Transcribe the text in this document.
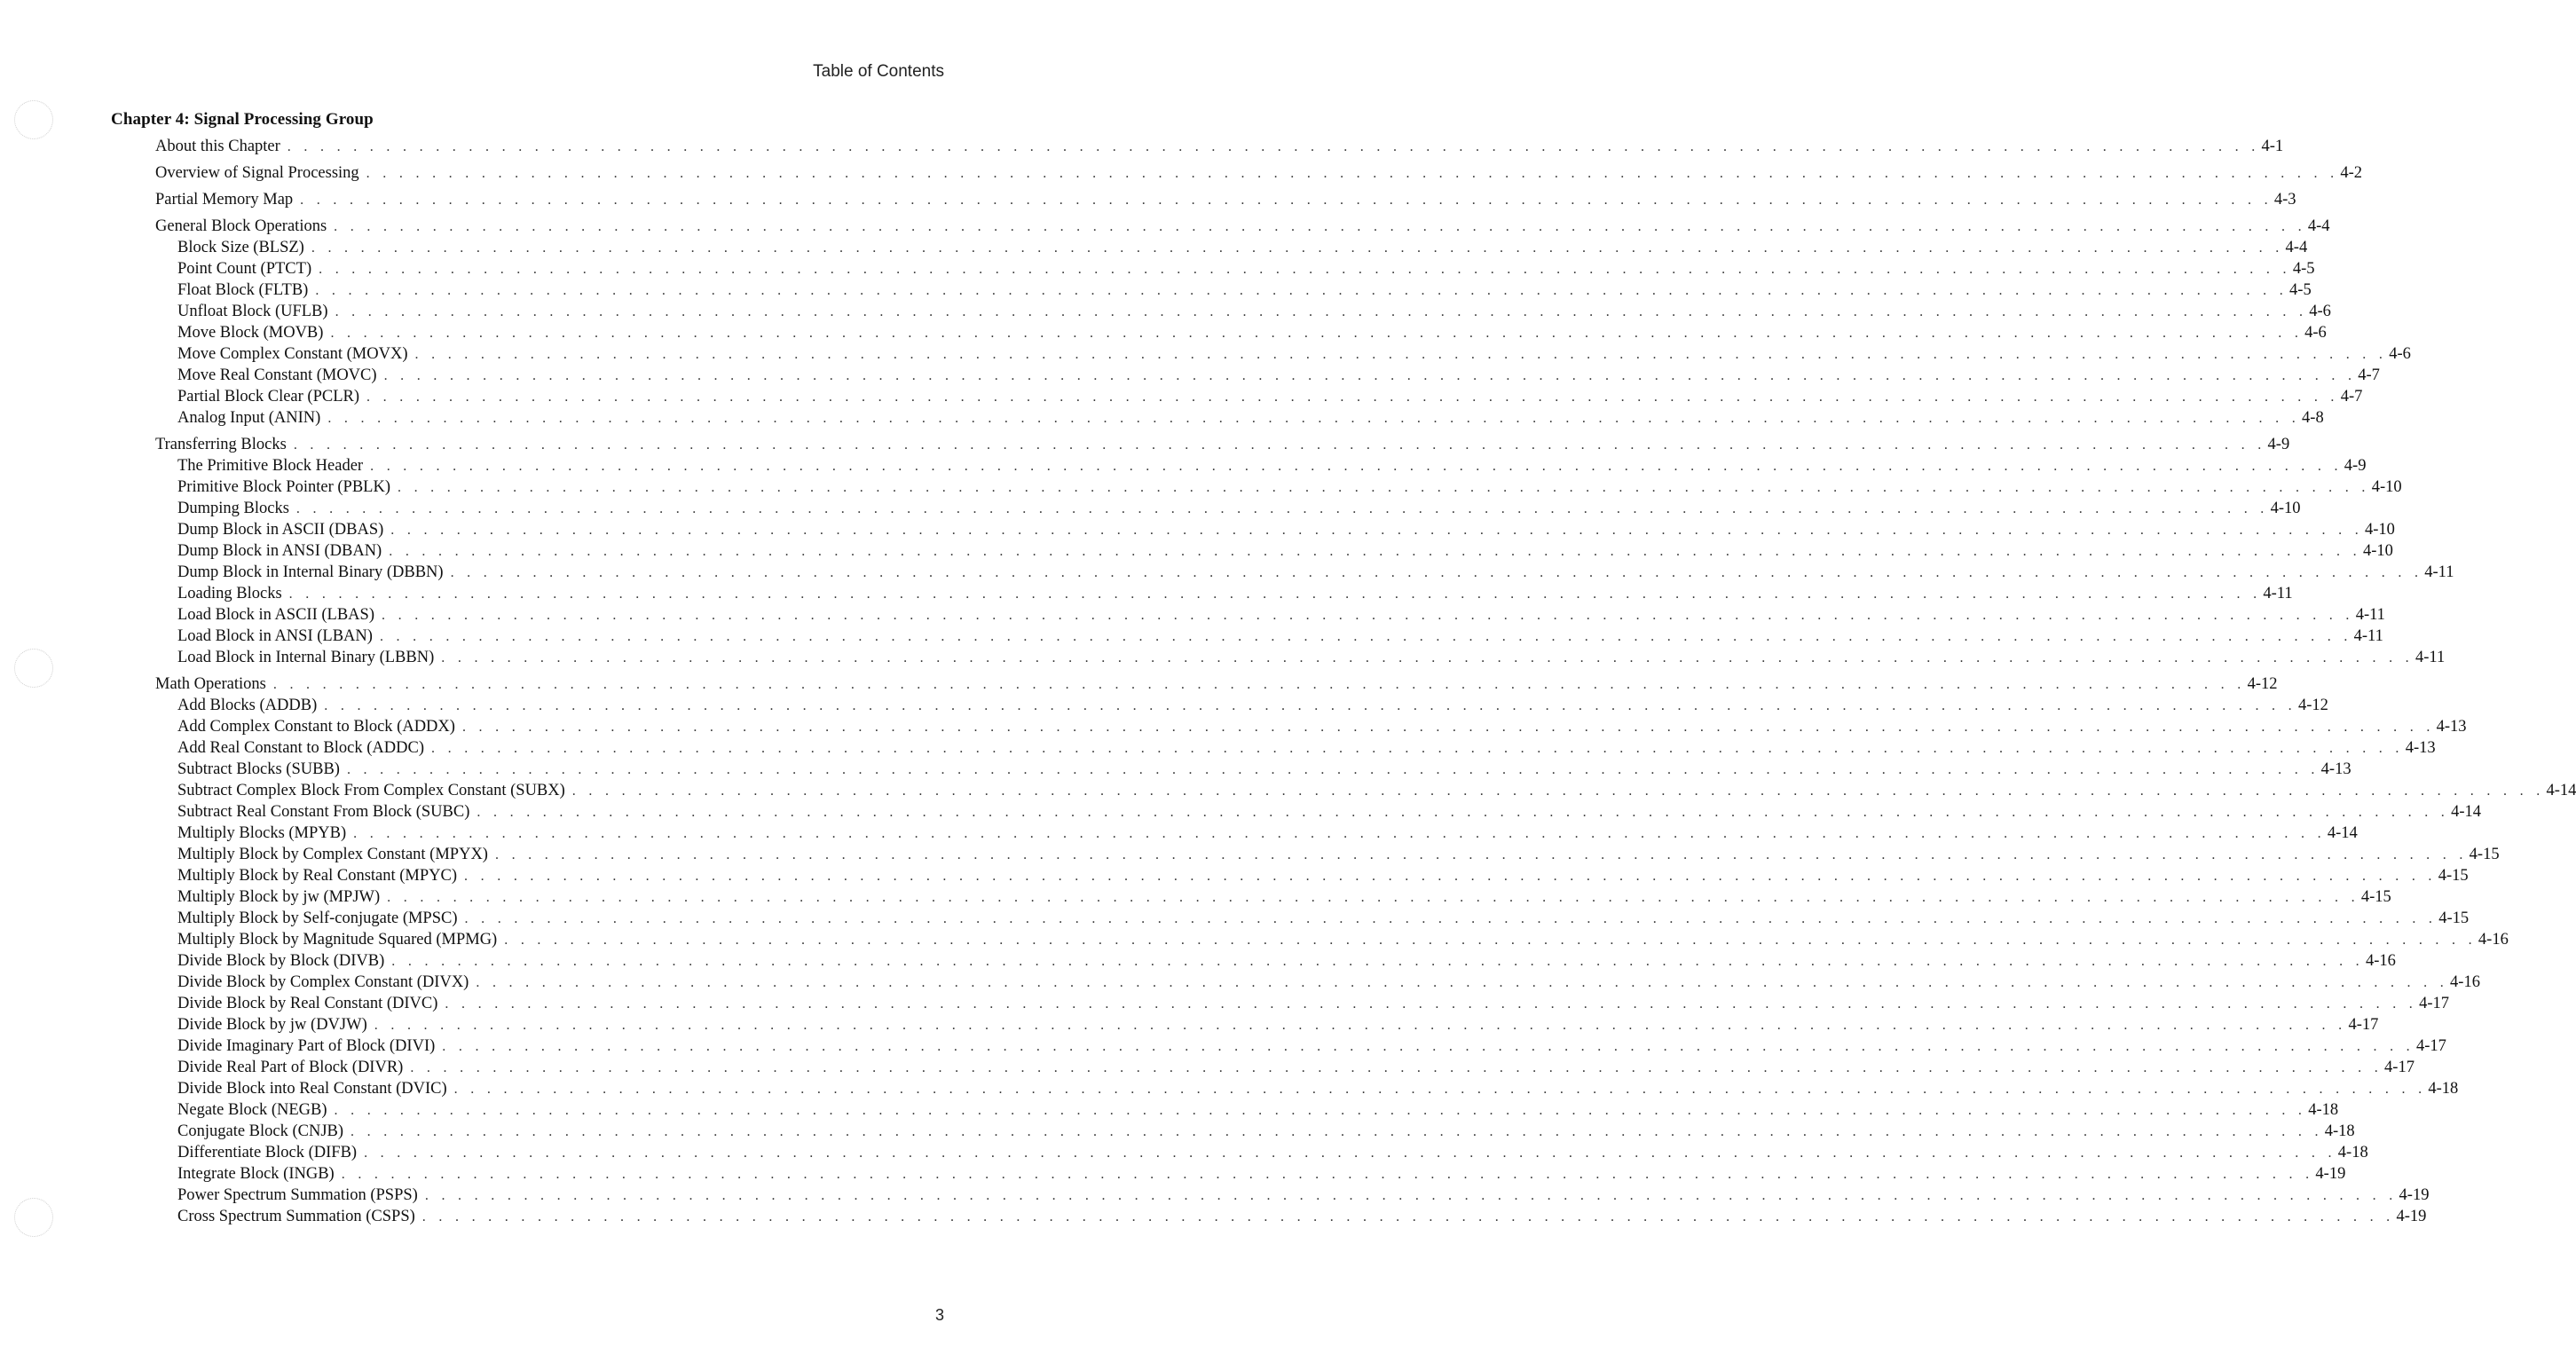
Table of Contents
Chapter 4: Signal Processing Group
About this Chapter . . . . . . . . . . . . . . . . . . . . . . . . . . . . . . . . . . . . . . . . . . . . . . . . . . . . . . . . . . . . . . . . . . . . . . . . . . . . . . . . . . . . . . . . . . . . . . . . . . . . . . . . . . . . . . . . . . . . . . . . 4-1
Overview of Signal Processing . . . . . . . . . . . . . . . . . . . . . . . . . . . . . . . . . . . . . . . . . . . . . . . . . . . . . . . . . . . . . . . . . . . . . . . . . . . . . . . . . . . . . . . . . . . . . . . . . . . . . . . . . . . . . . . . . . . . . . . . 4-2
Partial Memory Map . . . . . . . . . . . . . . . . . . . . . . . . . . . . . . . . . . . . . . . . . . . . . . . . . . . . . . . . . . . . . . . . . . . . . . . . . . . . . . . . . . . . . . . . . . . . . . . . . . . . . . . . . . . . . . . . . . . . . . . . 4-3
General Block Operations . . . . . . . . . . . . . . . . . . . . . . . . . . . . . . . . . . . . . . . . . . . . . . . . . . . . . . . . . . . . . . . . . . . . . . . . . . . . . . . . . . . . . . . . . . . . . . . . . . . . . . . . . . . . . . . . . . . . . . . . 4-4
Block Size (BLSZ) . . . . . . . . . . . . . . . . . . . . . . . . . . . . . . . . . . . . . . . . . . . . . . . . . . . . . . . . . . . . . . . . . . . . . . . . . . . . . . . . . . . . . . . . . . . . . . . . . . . . . . . . . . . . . . . . . . . . . . . . 4-4
Point Count (PTCT) . . . . . . . . . . . . . . . . . . . . . . . . . . . . . . . . . . . . . . . . . . . . . . . . . . . . . . . . . . . . . . . . . . . . . . . . . . . . . . . . . . . . . . . . . . . . . . . . . . . . . . . . . . . . . . . . . . . . . . . . 4-5
Float Block (FLTB) . . . . . . . . . . . . . . . . . . . . . . . . . . . . . . . . . . . . . . . . . . . . . . . . . . . . . . . . . . . . . . . . . . . . . . . . . . . . . . . . . . . . . . . . . . . . . . . . . . . . . . . . . . . . . . . . . . . . . . . . 4-5
Unfloat Block (UFLB) . . . . . . . . . . . . . . . . . . . . . . . . . . . . . . . . . . . . . . . . . . . . . . . . . . . . . . . . . . . . . . . . . . . . . . . . . . . . . . . . . . . . . . . . . . . . . . . . . . . . . . . . . . . . . . . . . . . . . . . . 4-6
Move Block (MOVB) . . . . . . . . . . . . . . . . . . . . . . . . . . . . . . . . . . . . . . . . . . . . . . . . . . . . . . . . . . . . . . . . . . . . . . . . . . . . . . . . . . . . . . . . . . . . . . . . . . . . . . . . . . . . . . . . . . . . . . . . 4-6
Move Complex Constant (MOVX) . . . . . . . . . . . . . . . . . . . . . . . . . . . . . . . . . . . . . . . . . . . . . . . . . . . . . . . . . . . . . . . . . . . . . . . . . . . . . . . . . . . . . . . . . . . . . . . . . . . . . . . . . . . . . . . . . . . . . . . . 4-6
Move Real Constant (MOVC) . . . . . . . . . . . . . . . . . . . . . . . . . . . . . . . . . . . . . . . . . . . . . . . . . . . . . . . . . . . . . . . . . . . . . . . . . . . . . . . . . . . . . . . . . . . . . . . . . . . . . . . . . . . . . . . . . . . . . . . . 4-7
Partial Block Clear (PCLR) . . . . . . . . . . . . . . . . . . . . . . . . . . . . . . . . . . . . . . . . . . . . . . . . . . . . . . . . . . . . . . . . . . . . . . . . . . . . . . . . . . . . . . . . . . . . . . . . . . . . . . . . . . . . . . . . . . . . . . . . 4-7
Analog Input (ANIN) . . . . . . . . . . . . . . . . . . . . . . . . . . . . . . . . . . . . . . . . . . . . . . . . . . . . . . . . . . . . . . . . . . . . . . . . . . . . . . . . . . . . . . . . . . . . . . . . . . . . . . . . . . . . . . . . . . . . . . . . 4-8
Transferring Blocks . . . . . . . . . . . . . . . . . . . . . . . . . . . . . . . . . . . . . . . . . . . . . . . . . . . . . . . . . . . . . . . . . . . . . . . . . . . . . . . . . . . . . . . . . . . . . . . . . . . . . . . . . . . . . . . . . . . . . . . . 4-9
The Primitive Block Header . . . . . . . . . . . . . . . . . . . . . . . . . . . . . . . . . . . . . . . . . . . . . . . . . . . . . . . . . . . . . . . . . . . . . . . . . . . . . . . . . . . . . . . . . . . . . . . . . . . . . . . . . . . . . . . . . . . . . . . . 4-9
Primitive Block Pointer (PBLK) . . . . . . . . . . . . . . . . . . . . . . . . . . . . . . . . . . . . . . . . . . . . . . . . . . . . . . . . . . . . . . . . . . . . . . . . . . . . . . . . . . . . . . . . . . . . . . . . . . . . . . . . . . . . . . . . . . . . . . . . 4-10
Dumping Blocks . . . . . . . . . . . . . . . . . . . . . . . . . . . . . . . . . . . . . . . . . . . . . . . . . . . . . . . . . . . . . . . . . . . . . . . . . . . . . . . . . . . . . . . . . . . . . . . . . . . . . . . . . . . . . . . . . . . . . . . . 4-10
Dump Block in ASCII (DBAS) . . . . . . . . . . . . . . . . . . . . . . . . . . . . . . . . . . . . . . . . . . . . . . . . . . . . . . . . . . . . . . . . . . . . . . . . . . . . . . . . . . . . . . . . . . . . . . . . . . . . . . . . . . . . . . . . . . . . . . . . 4-10
Dump Block in ANSI (DBAN) . . . . . . . . . . . . . . . . . . . . . . . . . . . . . . . . . . . . . . . . . . . . . . . . . . . . . . . . . . . . . . . . . . . . . . . . . . . . . . . . . . . . . . . . . . . . . . . . . . . . . . . . . . . . . . . . . . . . . . . . 4-10
Dump Block in Internal Binary (DBBN) . . . . . . . . . . . . . . . . . . . . . . . . . . . . . . . . . . . . . . . . . . . . . . . . . . . . . . . . . . . . . . . . . . . . . . . . . . . . . . . . . . . . . . . . . . . . . . . . . . . . . . . . . . . . . . . . . . . . . . . . 4-11
Loading Blocks . . . . . . . . . . . . . . . . . . . . . . . . . . . . . . . . . . . . . . . . . . . . . . . . . . . . . . . . . . . . . . . . . . . . . . . . . . . . . . . . . . . . . . . . . . . . . . . . . . . . . . . . . . . . . . . . . . . . . . . . 4-11
Load Block in ASCII (LBAS) . . . . . . . . . . . . . . . . . . . . . . . . . . . . . . . . . . . . . . . . . . . . . . . . . . . . . . . . . . . . . . . . . . . . . . . . . . . . . . . . . . . . . . . . . . . . . . . . . . . . . . . . . . . . . . . . . . . . . . . . 4-11
Load Block in ANSI (LBAN) . . . . . . . . . . . . . . . . . . . . . . . . . . . . . . . . . . . . . . . . . . . . . . . . . . . . . . . . . . . . . . . . . . . . . . . . . . . . . . . . . . . . . . . . . . . . . . . . . . . . . . . . . . . . . . . . . . . . . . . . 4-11
Load Block in Internal Binary (LBBN) . . . . . . . . . . . . . . . . . . . . . . . . . . . . . . . . . . . . . . . . . . . . . . . . . . . . . . . . . . . . . . . . . . . . . . . . . . . . . . . . . . . . . . . . . . . . . . . . . . . . . . . . . . . . . . . . . . . . . . . . 4-11
Math Operations . . . . . . . . . . . . . . . . . . . . . . . . . . . . . . . . . . . . . . . . . . . . . . . . . . . . . . . . . . . . . . . . . . . . . . . . . . . . . . . . . . . . . . . . . . . . . . . . . . . . . . . . . . . . . . . . . . . . . . . . 4-12
Add Blocks (ADDB) . . . . . . . . . . . . . . . . . . . . . . . . . . . . . . . . . . . . . . . . . . . . . . . . . . . . . . . . . . . . . . . . . . . . . . . . . . . . . . . . . . . . . . . . . . . . . . . . . . . . . . . . . . . . . . . . . . . . . . . . 4-12
Add Complex Constant to Block (ADDX) . . . . . . . . . . . . . . . . . . . . . . . . . . . . . . . . . . . . . . . . . . . . . . . . . . . . . . . . . . . . . . . . . . . . . . . . . . . . . . . . . . . . . . . . . . . . . . . . . . . . . . . . . . . . . . . . . . . . . . . . 4-13
Add Real Constant to Block (ADDC) . . . . . . . . . . . . . . . . . . . . . . . . . . . . . . . . . . . . . . . . . . . . . . . . . . . . . . . . . . . . . . . . . . . . . . . . . . . . . . . . . . . . . . . . . . . . . . . . . . . . . . . . . . . . . . . . . . . . . . . . 4-13
Subtract Blocks (SUBB) . . . . . . . . . . . . . . . . . . . . . . . . . . . . . . . . . . . . . . . . . . . . . . . . . . . . . . . . . . . . . . . . . . . . . . . . . . . . . . . . . . . . . . . . . . . . . . . . . . . . . . . . . . . . . . . . . . . . . . . . 4-13
Subtract Complex Block From Complex Constant (SUBX) . . . . . . . . . . . . . . . . . . . . . . . . . . . . . . . . . . . . . . . . . . . . . . . . . . . . . . . . . . . . . . . . . . . . . . . . . . . . . . . . . . . . . . . . . . . . . . . . . . . . . . . . . . . . . . . . . . . . . . . . 4-14
Subtract Real Constant From Block (SUBC) . . . . . . . . . . . . . . . . . . . . . . . . . . . . . . . . . . . . . . . . . . . . . . . . . . . . . . . . . . . . . . . . . . . . . . . . . . . . . . . . . . . . . . . . . . . . . . . . . . . . . . . . . . . . . . . . . . . . . . . . 4-14
Multiply Blocks (MPYB) . . . . . . . . . . . . . . . . . . . . . . . . . . . . . . . . . . . . . . . . . . . . . . . . . . . . . . . . . . . . . . . . . . . . . . . . . . . . . . . . . . . . . . . . . . . . . . . . . . . . . . . . . . . . . . . . . . . . . . . . 4-14
Multiply Block by Complex Constant (MPYX) . . . . . . . . . . . . . . . . . . . . . . . . . . . . . . . . . . . . . . . . . . . . . . . . . . . . . . . . . . . . . . . . . . . . . . . . . . . . . . . . . . . . . . . . . . . . . . . . . . . . . . . . . . . . . . . . . . . . . . . . 4-15
Multiply Block by Real Constant (MPYC) . . . . . . . . . . . . . . . . . . . . . . . . . . . . . . . . . . . . . . . . . . . . . . . . . . . . . . . . . . . . . . . . . . . . . . . . . . . . . . . . . . . . . . . . . . . . . . . . . . . . . . . . . . . . . . . . . . . . . . . . 4-15
Multiply Block by jw (MPJW) . . . . . . . . . . . . . . . . . . . . . . . . . . . . . . . . . . . . . . . . . . . . . . . . . . . . . . . . . . . . . . . . . . . . . . . . . . . . . . . . . . . . . . . . . . . . . . . . . . . . . . . . . . . . . . . . . . . . . . . . 4-15
Multiply Block by Self-conjugate (MPSC) . . . . . . . . . . . . . . . . . . . . . . . . . . . . . . . . . . . . . . . . . . . . . . . . . . . . . . . . . . . . . . . . . . . . . . . . . . . . . . . . . . . . . . . . . . . . . . . . . . . . . . . . . . . . . . . . . . . . . . . . 4-15
Multiply Block by Magnitude Squared (MPMG) . . . . . . . . . . . . . . . . . . . . . . . . . . . . . . . . . . . . . . . . . . . . . . . . . . . . . . . . . . . . . . . . . . . . . . . . . . . . . . . . . . . . . . . . . . . . . . . . . . . . . . . . . . . . . . . . . . . . . . . . 4-16
Divide Block by Block (DIVB) . . . . . . . . . . . . . . . . . . . . . . . . . . . . . . . . . . . . . . . . . . . . . . . . . . . . . . . . . . . . . . . . . . . . . . . . . . . . . . . . . . . . . . . . . . . . . . . . . . . . . . . . . . . . . . . . . . . . . . . . 4-16
Divide Block by Complex Constant (DIVX) . . . . . . . . . . . . . . . . . . . . . . . . . . . . . . . . . . . . . . . . . . . . . . . . . . . . . . . . . . . . . . . . . . . . . . . . . . . . . . . . . . . . . . . . . . . . . . . . . . . . . . . . . . . . . . . . . . . . . . . . 4-16
Divide Block by Real Constant (DIVC) . . . . . . . . . . . . . . . . . . . . . . . . . . . . . . . . . . . . . . . . . . . . . . . . . . . . . . . . . . . . . . . . . . . . . . . . . . . . . . . . . . . . . . . . . . . . . . . . . . . . . . . . . . . . . . . . . . . . . . . . 4-17
Divide Block by jw (DVJW) . . . . . . . . . . . . . . . . . . . . . . . . . . . . . . . . . . . . . . . . . . . . . . . . . . . . . . . . . . . . . . . . . . . . . . . . . . . . . . . . . . . . . . . . . . . . . . . . . . . . . . . . . . . . . . . . . . . . . . . . 4-17
Divide Imaginary Part of Block (DIVI) . . . . . . . . . . . . . . . . . . . . . . . . . . . . . . . . . . . . . . . . . . . . . . . . . . . . . . . . . . . . . . . . . . . . . . . . . . . . . . . . . . . . . . . . . . . . . . . . . . . . . . . . . . . . . . . . . . . . . . . . 4-17
Divide Real Part of Block (DIVR) . . . . . . . . . . . . . . . . . . . . . . . . . . . . . . . . . . . . . . . . . . . . . . . . . . . . . . . . . . . . . . . . . . . . . . . . . . . . . . . . . . . . . . . . . . . . . . . . . . . . . . . . . . . . . . . . . . . . . . . . 4-17
Divide Block into Real Constant (DVIC) . . . . . . . . . . . . . . . . . . . . . . . . . . . . . . . . . . . . . . . . . . . . . . . . . . . . . . . . . . . . . . . . . . . . . . . . . . . . . . . . . . . . . . . . . . . . . . . . . . . . . . . . . . . . . . . . . . . . . . . . 4-18
Negate Block (NEGB) . . . . . . . . . . . . . . . . . . . . . . . . . . . . . . . . . . . . . . . . . . . . . . . . . . . . . . . . . . . . . . . . . . . . . . . . . . . . . . . . . . . . . . . . . . . . . . . . . . . . . . . . . . . . . . . . . . . . . . . . 4-18
Conjugate Block (CNJB) . . . . . . . . . . . . . . . . . . . . . . . . . . . . . . . . . . . . . . . . . . . . . . . . . . . . . . . . . . . . . . . . . . . . . . . . . . . . . . . . . . . . . . . . . . . . . . . . . . . . . . . . . . . . . . . . . . . . . . . . 4-18
Differentiate Block (DIFB) . . . . . . . . . . . . . . . . . . . . . . . . . . . . . . . . . . . . . . . . . . . . . . . . . . . . . . . . . . . . . . . . . . . . . . . . . . . . . . . . . . . . . . . . . . . . . . . . . . . . . . . . . . . . . . . . . . . . . . . . 4-18
Integrate Block (INGB) . . . . . . . . . . . . . . . . . . . . . . . . . . . . . . . . . . . . . . . . . . . . . . . . . . . . . . . . . . . . . . . . . . . . . . . . . . . . . . . . . . . . . . . . . . . . . . . . . . . . . . . . . . . . . . . . . . . . . . . . 4-19
Power Spectrum Summation (PSPS) . . . . . . . . . . . . . . . . . . . . . . . . . . . . . . . . . . . . . . . . . . . . . . . . . . . . . . . . . . . . . . . . . . . . . . . . . . . . . . . . . . . . . . . . . . . . . . . . . . . . . . . . . . . . . . . . . . . . . . . . 4-19
Cross Spectrum Summation (CSPS) . . . . . . . . . . . . . . . . . . . . . . . . . . . . . . . . . . . . . . . . . . . . . . . . . . . . . . . . . . . . . . . . . . . . . . . . . . . . . . . . . . . . . . . . . . . . . . . . . . . . . . . . . . . . . . . . . . . . . . . . 4-19
3
